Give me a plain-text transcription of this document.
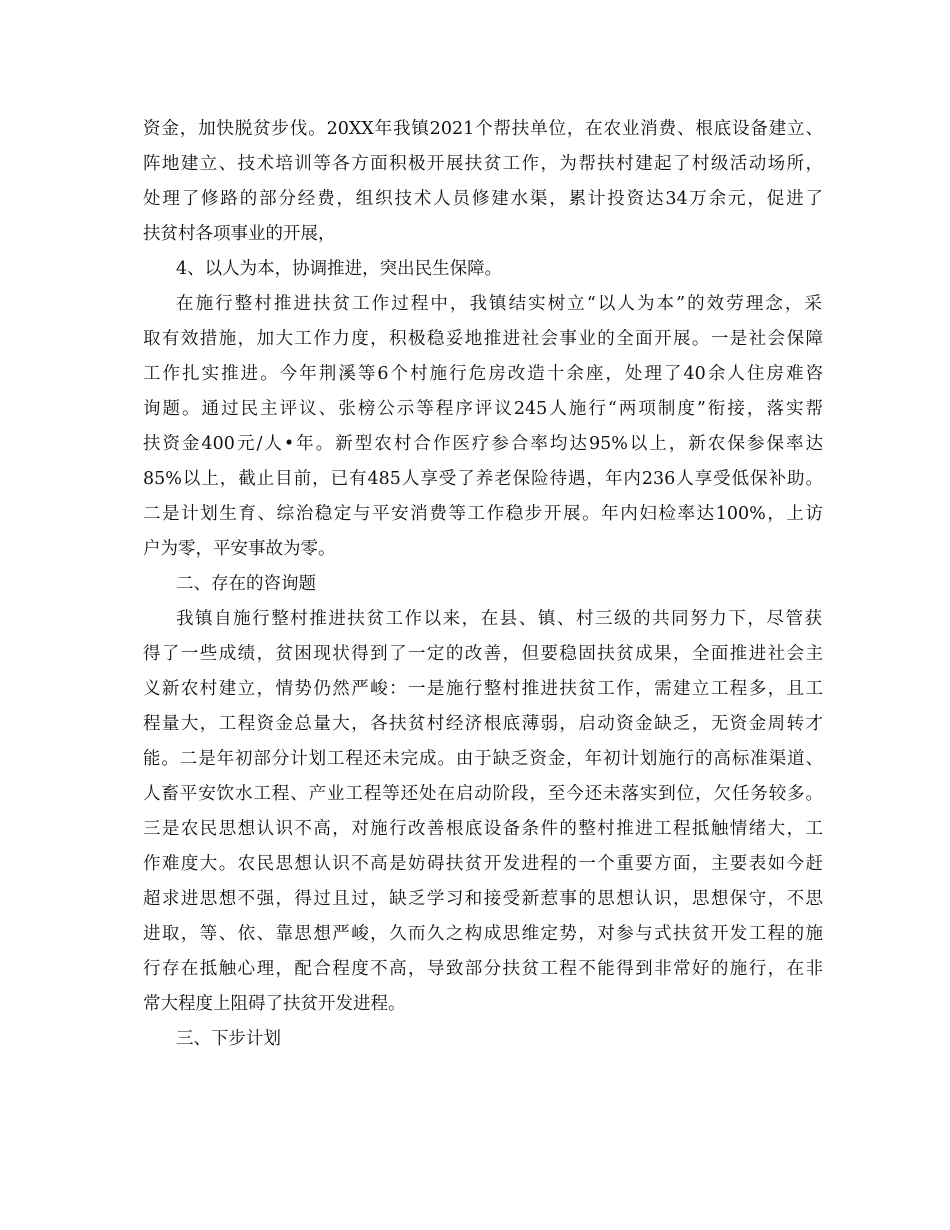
资金，加快脱贫步伐。20XX年我镇2021个帮扶单位，在农业消费、根底设备建立、
阵地建立、技术培训等各方面积极开展扶贫工作，为帮扶村建起了村级活动场所，
处理了修路的部分经费，组织技术人员修建水渠，累计投资达34万余元，促进了
扶贫村各项事业的开展，
4、以人为本，协调推进，突出民生保障。
在施行整村推进扶贫工作过程中，我镇结实树立“以人为本”的效劳理念，采
取有效措施，加大工作力度，积极稳妥地推进社会事业的全面开展。一是社会保障
工作扎实推进。今年荆溪等6个村施行危房改造十余座，处理了40余人住房难咨
询题。通过民主评议、张榜公示等程序评议245人施行“两项制度”衔接，落实帮
扶资金400元/人•年。新型农村合作医疗参合率均达95%以上，新农保参保率达
85%以上，截止目前，已有485人享受了养老保险待遇，年内236人享受低保补助。
二是计划生育、综治稳定与平安消费等工作稳步开展。年内妇检率达100%，上访
户为零，平安事故为零。
二、存在的咨询题
我镇自施行整村推进扶贫工作以来，在县、镇、村三级的共同努力下，尽管获
得了一些成绩，贫困现状得到了一定的改善，但要稳固扶贫成果，全面推进社会主
义新农村建立，情势仍然严峻：一是施行整村推进扶贫工作，需建立工程多，且工
程量大，工程资金总量大，各扶贫村经济根底薄弱，启动资金缺乏，无资金周转才
能。二是年初部分计划工程还未完成。由于缺乏资金，年初计划施行的高标准渠道、
人畜平安饮水工程、产业工程等还处在启动阶段，至今还未落实到位，欠任务较多。
三是农民思想认识不高，对施行改善根底设备条件的整村推进工程抵触情绪大，工
作难度大。农民思想认识不高是妨碍扶贫开发进程的一个重要方面，主要表如今赶
超求进思想不强，得过且过，缺乏学习和接受新惹事的思想认识，思想保守，不思
进取，等、依、靠思想严峻，久而久之构成思维定势，对参与式扶贫开发工程的施
行存在抵触心理，配合程度不高，导致部分扶贫工程不能得到非常好的施行，在非
常大程度上阻碍了扶贫开发进程。
三、下步计划
